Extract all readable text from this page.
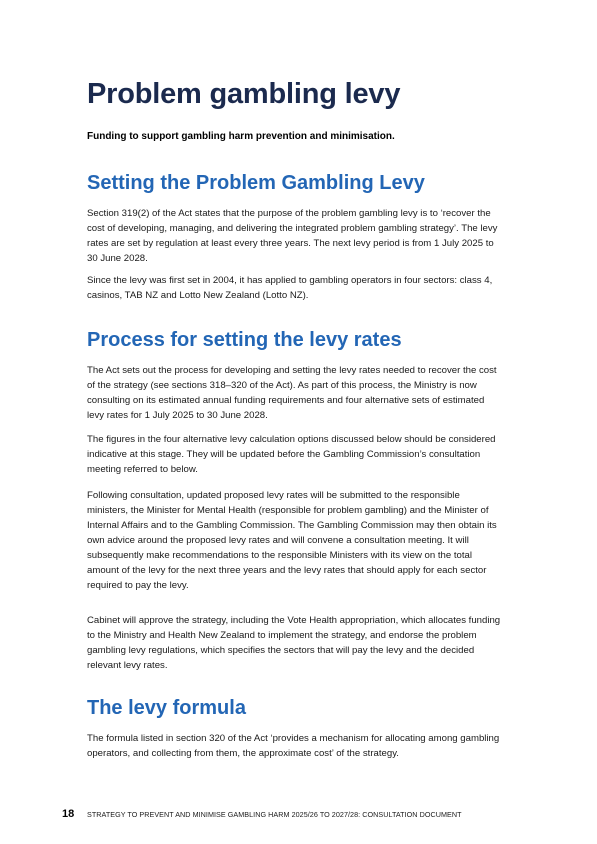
Problem gambling levy
Funding to support gambling harm prevention and minimisation.
Setting the Problem Gambling Levy

Section 319(2) of the Act states that the purpose of the problem gambling levy is to ‘recover the cost of developing, managing, and delivering the integrated problem gambling strategy’. The levy rates are set by regulation at least every three years. The next levy period is from 1 July 2025 to 30 June 2028.

Since the levy was first set in 2004, it has applied to gambling operators in four sectors: class 4, casinos, TAB NZ and Lotto New Zealand (Lotto NZ).

Process for setting the levy rates

The Act sets out the process for developing and setting the levy rates needed to recover the cost of the strategy (see sections 318–320 of the Act). As part of this process, the Ministry is now consulting on its estimated annual funding requirements and four alternative sets of estimated levy rates for 1 July 2025 to 30 June 2028.

The figures in the four alternative levy calculation options discussed below should be considered indicative at this stage. They will be updated before the Gambling Commission’s consultation meeting referred to below.

Following consultation, updated proposed levy rates will be submitted to the responsible ministers, the Minister for Mental Health (responsible for problem gambling) and the Minister of Internal Affairs and to the Gambling Commission. The Gambling Commission may then obtain its own advice around the proposed levy rates and will convene a consultation meeting. It will subsequently make recommendations to the responsible Ministers with its view on the total amount of the levy for the next three years and the levy rates that should apply for each sector required to pay the levy.

Cabinet will approve the strategy, including the Vote Health appropriation, which allocates funding to the Ministry and Health New Zealand to implement the strategy, and endorse the problem gambling levy regulations, which specifies the sectors that will pay the levy and the decided relevant levy rates.

The levy formula

The formula listed in section 320 of the Act ‘provides a mechanism for allocating among gambling operators, and collecting from them, the approximate cost’ of the strategy.

18 STRATEGY TO PREVENT AND MINIMISE GAMBLING HARM 2025/26 TO 2027/28: CONSULTATION DOCUMENT
